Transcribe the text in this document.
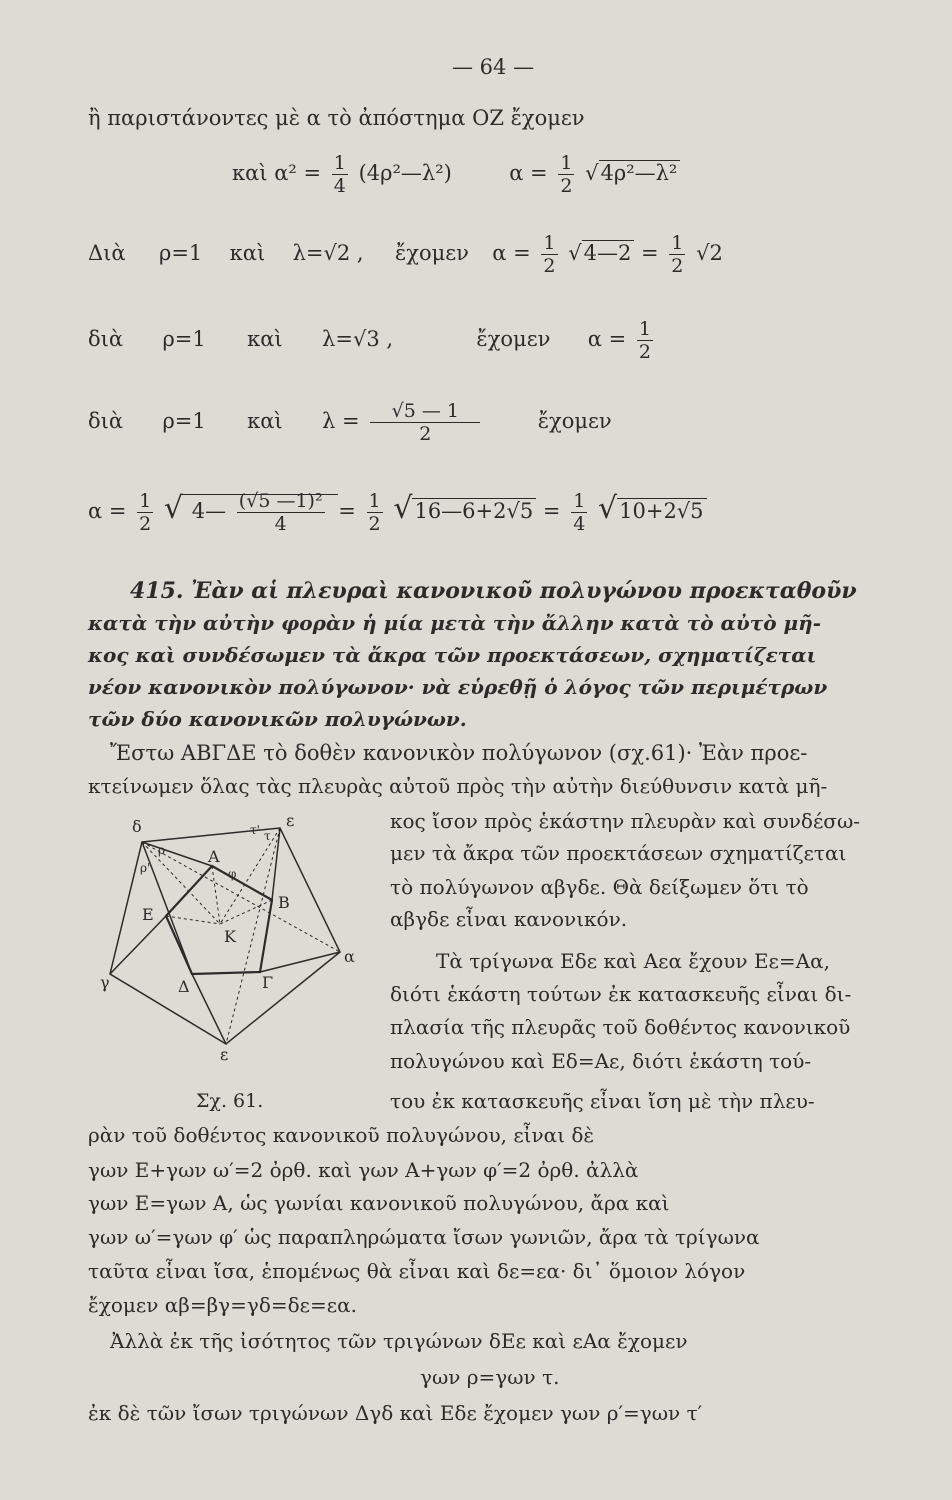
— 64 —
ἢ παριστάνοντες μὲ α τὸ ἀπόστημα ΟΖ ἔχομεν
καὶ $\alpha^2 = \frac{1}{4}$ (4ρ²—λ²)	$\alpha = \frac{1}{2}$ √4ρ²—λ²
Διὰ ρ=1 καὶ λ=√2 , ἔχομεν $\alpha = \frac{1}{2}$ √4—2 = $\frac{1}{2} √2$
διὰ ρ=1 καὶ λ=√3 ,	ἔχομεν $\alpha = \frac{1}{2}$
διὰ ρ=1 καὶ $\lambda = \frac{√5 — 1}{2}$	ἔχομεν
$\alpha = \frac{1}{2}$ √ 4— $\frac{\text{(√5 —1)²}}{4} = \frac{1}{2}$ √16—6+2√5 = $\frac{1}{4} √10+2√5$
415. Ἐὰν αἱ πλευραὶ κανονικοῦ πολυγώνου προεκταθοῦν
κατὰ τὴν αὐτὴν φορὰν ἡ μία μετὰ τὴν ἄλλην κατὰ τὸ αὐτὸ μῆ-
κος καὶ συνδέσωμεν τὰ ἄκρα τῶν προεκτάσεων, σχηματίζεται
νέον κανονικὸν πολύγωνον· νὰ εὑρεθῇ ὁ λόγος τῶν περιμέτρων
τῶν δύο κανονικῶν πολυγώνων.
Ἔστω ΑΒΓΔΕ τὸ δοθὲν κανονικὸν πολύγωνον (σχ.61)· Ἐὰν προε-
κτείνωμεν ὅλας τὰς πλευρὰς αὐτοῦ πρὸς τὴν αὐτὴν διεύθυνσιν κατὰ μῆ-
κος ἴσον πρὸς ἑκάστην πλευρὰν καὶ συνδέσω-
μεν τὰ ἄκρα τῶν προεκτάσεων σχηματίζεται
τὸ πολύγωνον αβγδε. Θὰ δείξωμεν ὅτι τὸ
αβγδε εἶναι κανονικόν.
Τὰ τρίγωνα Εδε καὶ Αεα ἔχουν Εε=Αα,
διότι ἑκάστη τούτων ἐκ κατασκευῆς εἶναι δι-
πλασία τῆς πλευρᾶς τοῦ δοθέντος κανονικοῦ
πολυγώνου καὶ Εδ=Αε, διότι ἑκάστη τού-
του ἐκ κατασκευῆς εἶναι ἴση μὲ τὴν πλευ-
δ	ε
α
γ
ε
Α
Β
Γ
Δ
Ε
Κ
ρ
ρ'
τ
τ'
φ
Σχ. 61.
ρὰν τοῦ δοθέντος κανονικοῦ πολυγώνου, εἶναι δὲ
γων Ε+γων ω′=2 ὀρθ. καὶ γων Α+γων φ′=2 ὀρθ. ἀλλὰ
γων Ε=γων Α, ὡς γωνίαι κανονικοῦ πολυγώνου, ἄρα καὶ
γων ω′=γων φ′ ὡς παραπληρώματα ἴσων γωνιῶν, ἄρα τὰ τρίγωνα
ταῦτα εἶναι ἴσα, ἑπομένως θὰ εἶναι καὶ δε=εα· δι᾽ ὅμοιον λόγον
ἔχομεν αβ=βγ=γδ=δε=εα.
Ἀλλὰ ἐκ τῆς ἰσότητος τῶν τριγώνων δΕε καὶ εΑα ἔχομεν
γων ρ=γων τ.
ἐκ δὲ τῶν ἴσων τριγώνων Δγδ καὶ Εδε ἔχομεν γων ρ′=γων τ′
